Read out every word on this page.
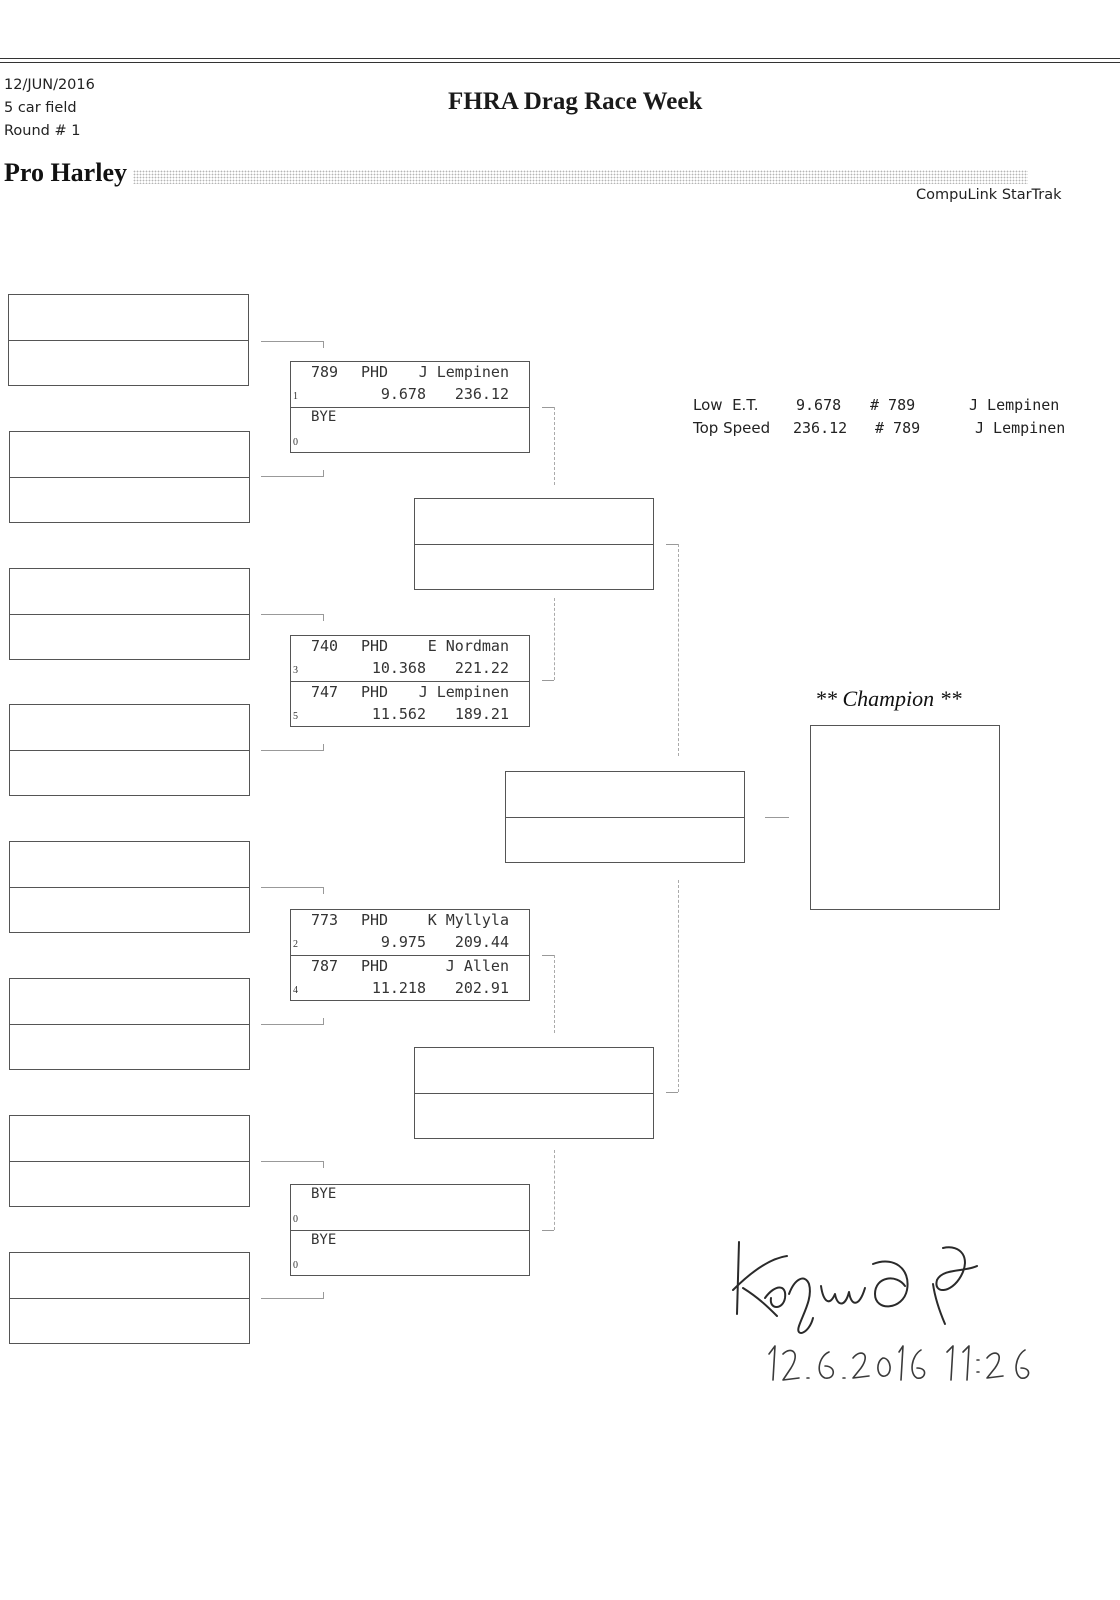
12/JUN/2016
5 car field
Round # 1
FHRA Drag Race Week
Pro Harley
CompuLink StarTrak
789 PHD J Lempinen
1	9.678 236.12
BYE
0
740 PHD	E Nordman
3	10.368 221.22
747 PHD J Lempinen
5	11.562 189.21
773 PHD	K Myllyla
2	9.975 209.44
787 PHD	J Allen
4	11.218 202.91
BYE
0
BYE
0
Low  E.T.	9.678 # 789	J Lempinen
Top Speed 236.12 # 789	J Lempinen
** Champion **
12.6.2016 11:26
